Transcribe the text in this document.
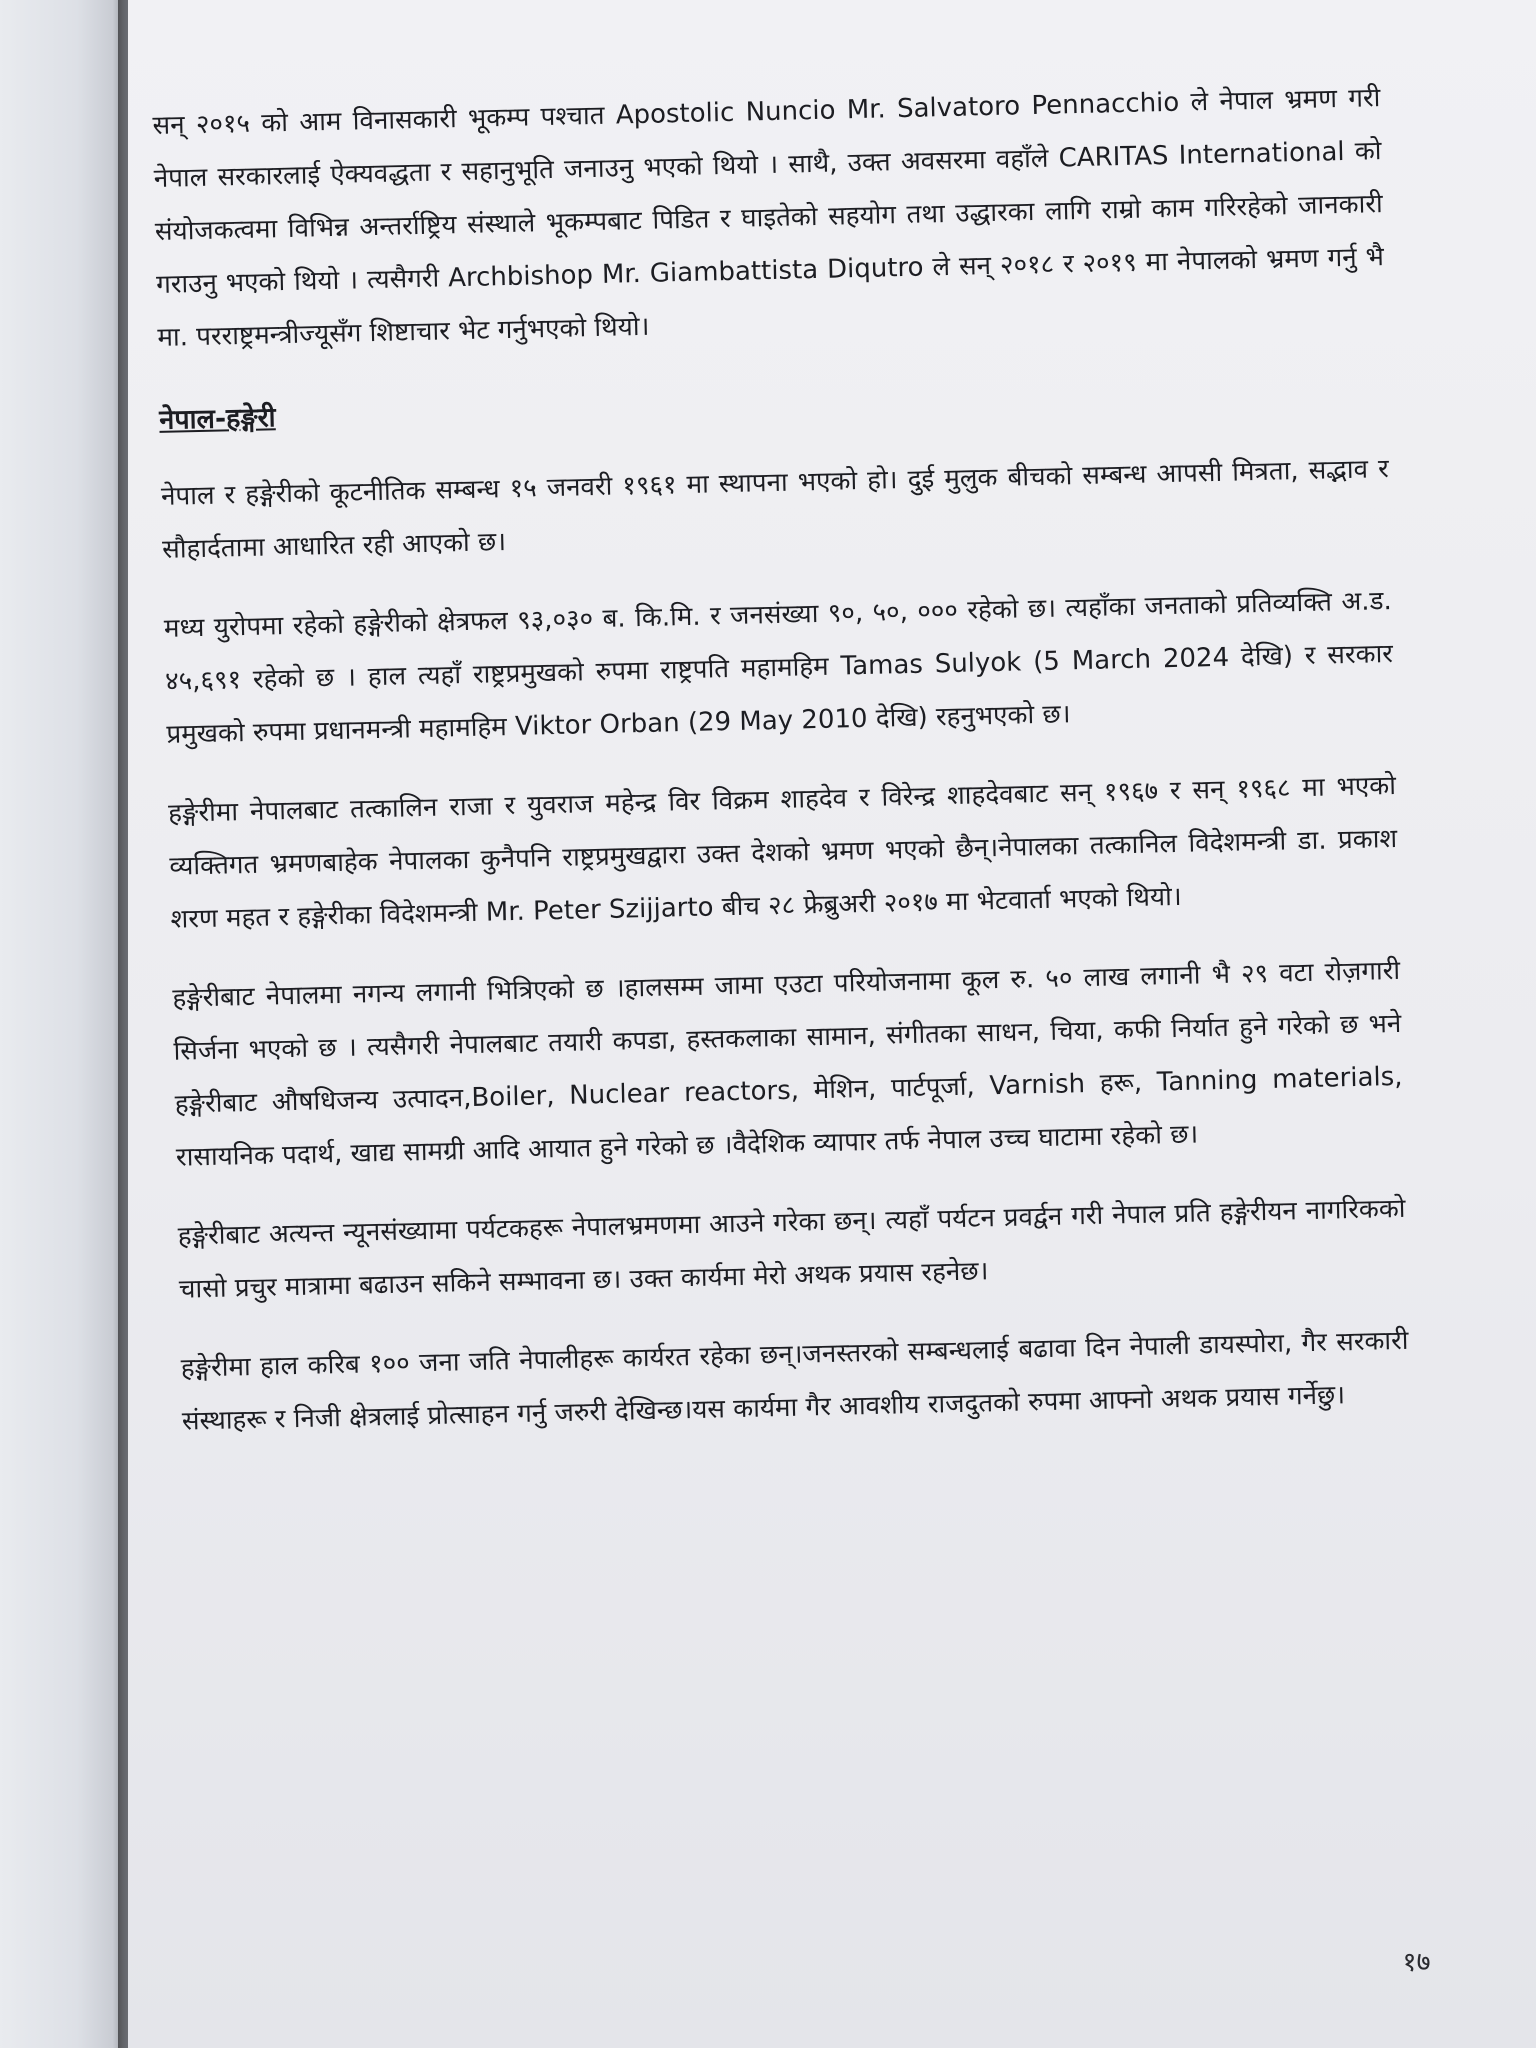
सन् २०१५ को आम विनासकारी भूकम्प पश्चात Apostolic Nuncio Mr. Salvatoro Pennacchio ले नेपाल भ्रमण गरी नेपाल सरकारलाई ऐक्यवद्धता र सहानुभूति जनाउनु भएको थियो । साथै, उक्त अवसरमा वहाँले CARITAS International को संयोजकत्वमा विभिन्न अन्तर्राष्ट्रिय संस्थाले भूकम्पबाट पिडित र घाइतेको सहयोग तथा उद्धारका लागि राम्रो काम गरिरहेको जानकारी गराउनु भएको थियो । त्यसैगरी Archbishop Mr. Giambattista Diqutro ले सन् २०१८ र २०१९ मा नेपालको भ्रमण गर्नु भै मा. परराष्ट्रमन्त्रीज्यूसँग शिष्टाचार भेट गर्नुभएको थियो।

नेपाल-हङ्गेरी

नेपाल र हङ्गेरीको कूटनीतिक सम्बन्ध १५ जनवरी १९६१ मा स्थापना भएको हो। दुई मुलुक बीचको सम्बन्ध आपसी मित्रता, सद्भाव र सौहार्दतामा आधारित रही आएको छ।

मध्य युरोपमा रहेको हङ्गेरीको क्षेत्रफल ९३,०३० ब. कि.मि. र जनसंख्या ९०, ५०, ००० रहेको छ। त्यहाँका जनताको प्रतिव्यक्ति अ.ड. ४५,६९१ रहेको छ । हाल त्यहाँ राष्ट्रप्रमुखको रुपमा राष्ट्रपति महामहिम Tamas Sulyok (5 March 2024 देखि) र सरकार प्रमुखको रुपमा प्रधानमन्त्री महामहिम Viktor Orban (29 May 2010 देखि) रहनुभएको छ।

हङ्गेरीमा नेपालबाट तत्कालिन राजा र युवराज महेन्द्र विर विक्रम शाहदेव र विरेन्द्र शाहदेवबाट सन् १९६७ र सन् १९६८ मा भएको व्यक्तिगत भ्रमणबाहेक नेपालका कुनैपनि राष्ट्रप्रमुखद्वारा उक्त देशको भ्रमण भएको छैन्।नेपालका तत्कानिल विदेशमन्त्री डा. प्रकाश शरण महत र हङ्गेरीका विदेशमन्त्री Mr. Peter Szijjarto बीच २८ फ्रेब्रुअरी २०१७ मा भेटवार्ता भएको थियो।

हङ्गेरीबाट नेपालमा नगन्य लगानी भित्रिएको छ ।हालसम्म जामा एउटा परियोजनामा कूल रु. ५० लाख लगानी भै २९ वटा रोज़गारी सिर्जना भएको छ । त्यसैगरी नेपालबाट तयारी कपडा, हस्तकलाका सामान, संगीतका साधन, चिया, कफी निर्यात हुने गरेको छ भने हङ्गेरीबाट औषधिजन्य उत्पादन,Boiler, Nuclear reactors, मेशिन, पार्टपूर्जा, Varnish हरू, Tanning materials, रासायनिक पदार्थ, खाद्य सामग्री आदि आयात हुने गरेको छ ।वैदेशिक व्यापार तर्फ नेपाल उच्च घाटामा रहेको छ।

हङ्गेरीबाट अत्यन्त न्यूनसंख्यामा पर्यटकहरू नेपालभ्रमणमा आउने गरेका छन्। त्यहाँ पर्यटन प्रवर्द्वन गरी नेपाल प्रति हङ्गेरीयन नागरिकको चासो प्रचुर मात्रामा बढाउन सकिने सम्भावना छ। उक्त कार्यमा मेरो अथक प्रयास रहनेछ।

हङ्गेरीमा हाल करिब १०० जना जति नेपालीहरू कार्यरत रहेका छन्।जनस्तरको सम्बन्धलाई बढावा दिन नेपाली डायस्पोरा, गैर सरकारी संस्थाहरू र निजी क्षेत्रलाई प्रोत्साहन गर्नु जरुरी देखिन्छ।यस कार्यमा गैर आवशीय राजदुतको रुपमा आफ्नो अथक प्रयास गर्नेछु।

१७
